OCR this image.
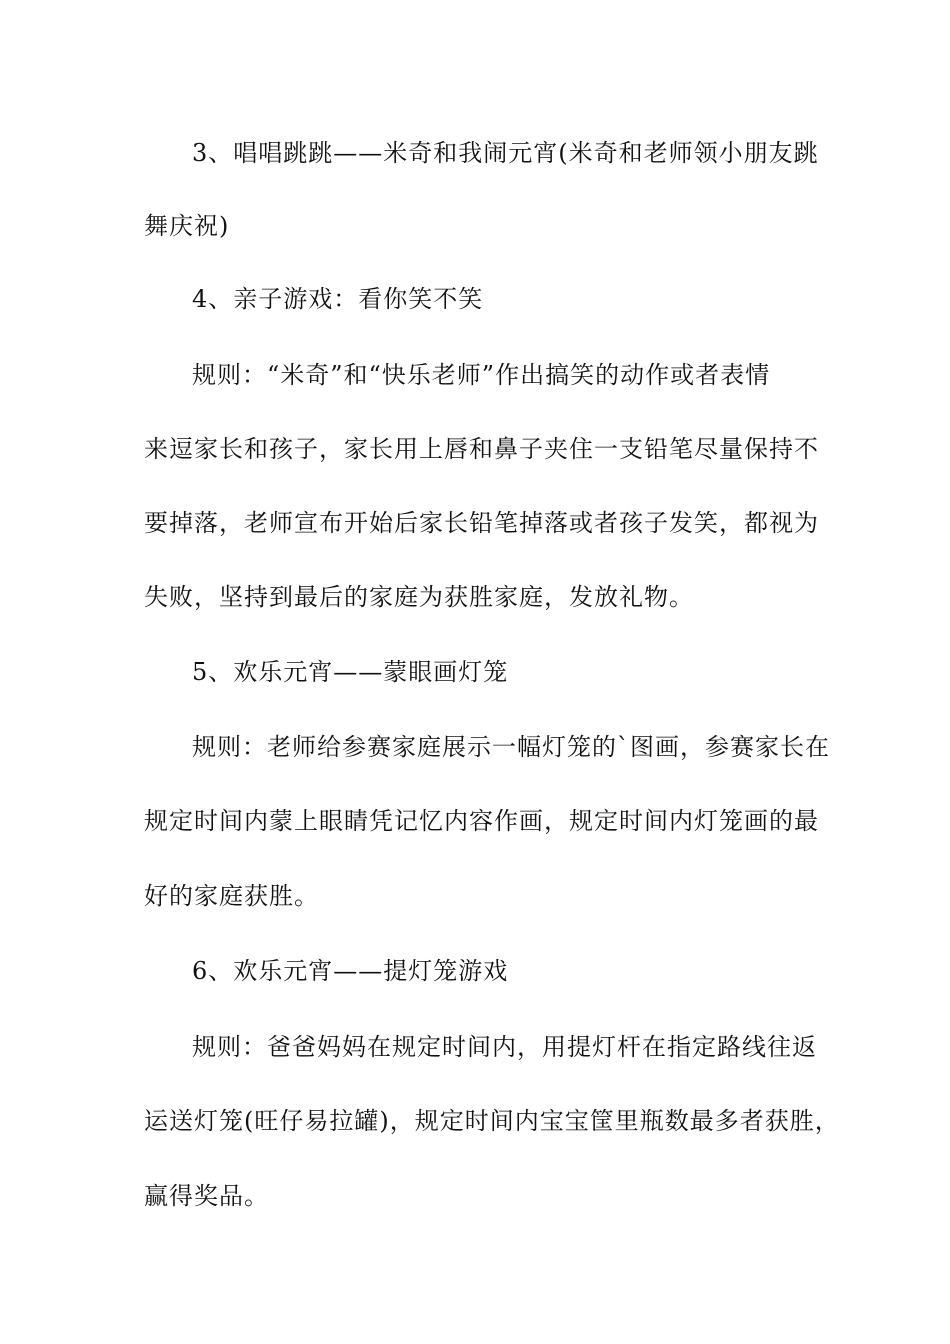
3、唱唱跳跳——米奇和我闹元宵(米奇和老师领小朋友跳
舞庆祝)
4、亲子游戏：看你笑不笑
规则：“米奇”和“快乐老师”作出搞笑的动作或者表情
来逗家长和孩子，家长用上唇和鼻子夹住一支铅笔尽量保持不
要掉落，老师宣布开始后家长铅笔掉落或者孩子发笑，都视为
失败，坚持到最后的家庭为获胜家庭，发放礼物。
5、欢乐元宵——蒙眼画灯笼
规则：老师给参赛家庭展示一幅灯笼的`图画，参赛家长在
规定时间内蒙上眼睛凭记忆内容作画，规定时间内灯笼画的最
好的家庭获胜。
6、欢乐元宵——提灯笼游戏
规则：爸爸妈妈在规定时间内，用提灯杆在指定路线往返
运送灯笼(旺仔易拉罐)，规定时间内宝宝筐里瓶数最多者获胜，
赢得奖品。
